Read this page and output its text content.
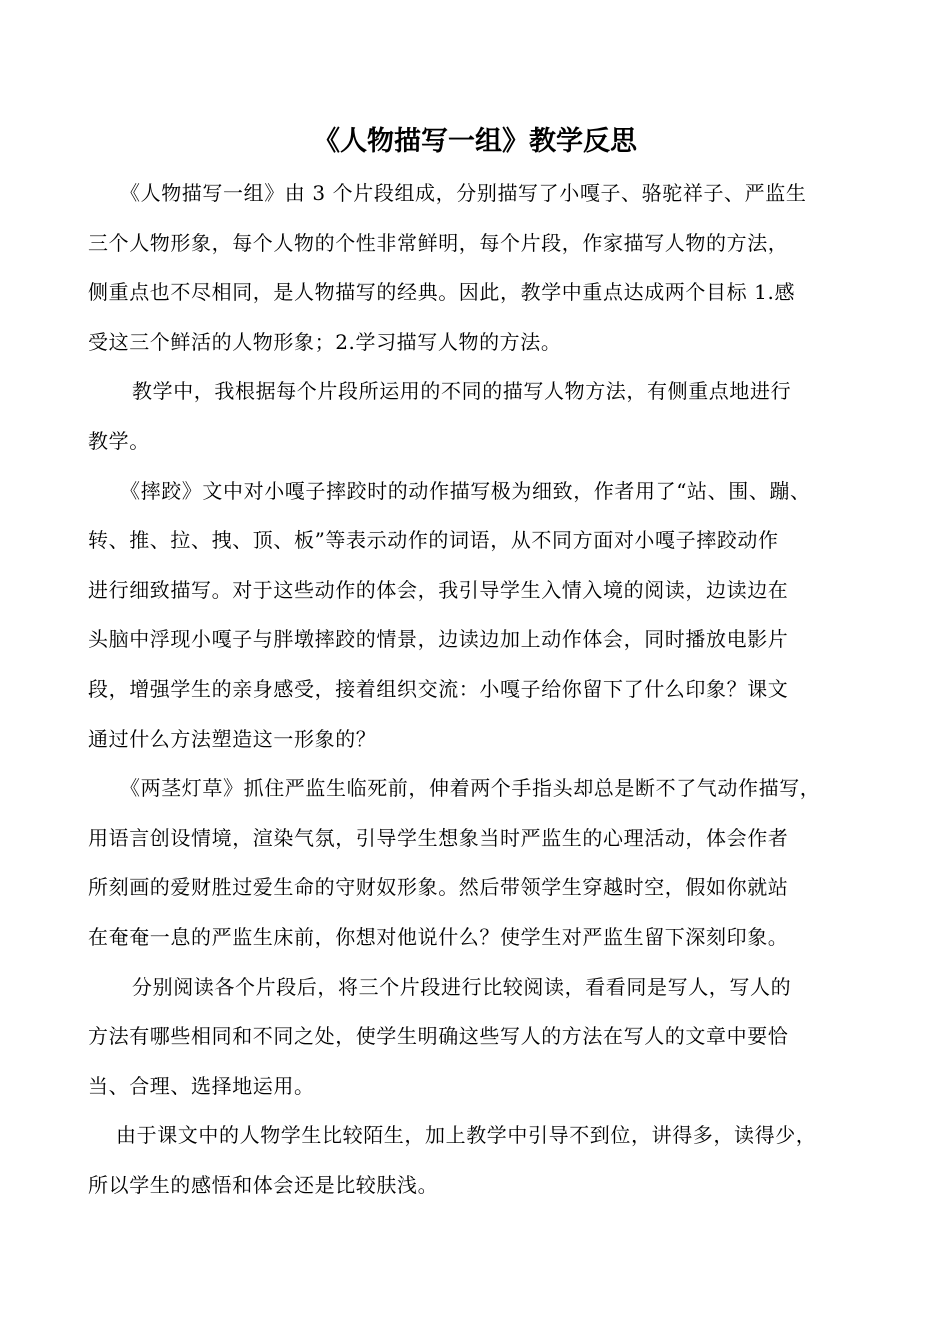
《人物描写一组》教学反思
《人物描写一组》由 3 个片段组成，分别描写了小嘎子、骆驼祥子、严监生
三个人物形象，每个人物的个性非常鲜明，每个片段，作家描写人物的方法，
侧重点也不尽相同，是人物描写的经典。因此，教学中重点达成两个目标 1.感
受这三个鲜活的人物形象；2.学习描写人物的方法。
教学中，我根据每个片段所运用的不同的描写人物方法，有侧重点地进行
教学。
《摔跤》文中对小嘎子摔跤时的动作描写极为细致，作者用了“站、围、蹦、
转、推、拉、拽、顶、板”等表示动作的词语，从不同方面对小嘎子摔跤动作
进行细致描写。对于这些动作的体会，我引导学生入情入境的阅读，边读边在
头脑中浮现小嘎子与胖墩摔跤的情景，边读边加上动作体会，同时播放电影片
段，增强学生的亲身感受，接着组织交流：小嘎子给你留下了什么印象？课文
通过什么方法塑造这一形象的？
《两茎灯草》抓住严监生临死前，伸着两个手指头却总是断不了气动作描写，
用语言创设情境，渲染气氛，引导学生想象当时严监生的心理活动，体会作者
所刻画的爱财胜过爱生命的守财奴形象。然后带领学生穿越时空，假如你就站
在奄奄一息的严监生床前，你想对他说什么？使学生对严监生留下深刻印象。
分别阅读各个片段后，将三个片段进行比较阅读，看看同是写人，写人的
方法有哪些相同和不同之处，使学生明确这些写人的方法在写人的文章中要恰
当、合理、选择地运用。
由于课文中的人物学生比较陌生，加上教学中引导不到位，讲得多，读得少，
所以学生的感悟和体会还是比较肤浅。
